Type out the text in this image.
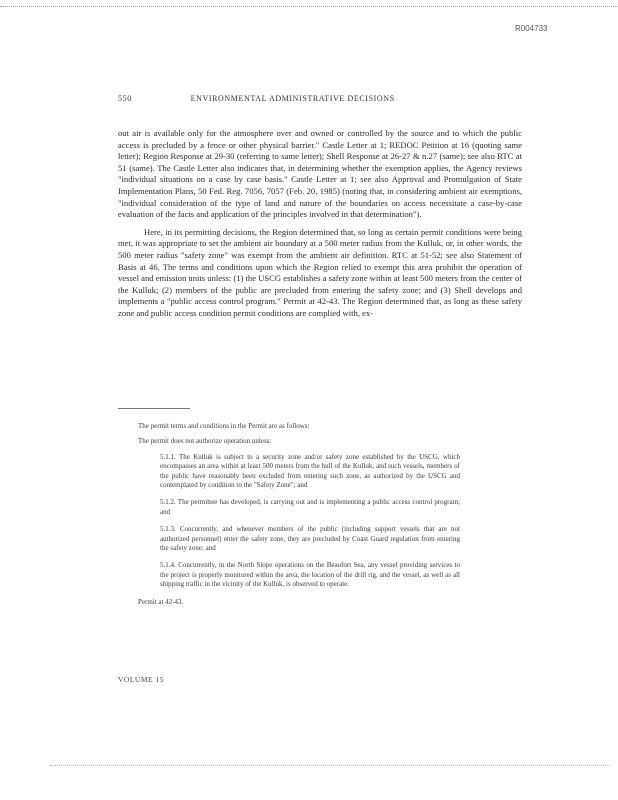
R004733
550	ENVIRONMENTAL ADMINISTRATIVE DECISIONS

out air is available only for the atmosphere over and owned or controlled by the source and to which the public access is precluded by a fence or other physical barrier." Castle Letter at 1; REDOC Petition at 16 (quoting same letter); Region Response at 29-30 (referring to same letter); Shell Response at 26-27 & n.27 (same); see also RTC at 51 (same). The Castle Letter also indicates that, in determining whether the exemption applies, the Agency reviews "individual situations on a case by case basis." Castle Letter at 1; see also Approval and Promulgation of State Implementation Plans, 50 Fed. Reg. 7056, 7057 (Feb. 20, 1985) (noting that, in considering ambient air exemptions, "individual consideration of the type of land and nature of the boundaries on access necessitate a case-by-case evaluation of the facts and application of the principles involved in that determination").

Here, in its permitting decisions, the Region determined that, so long as certain permit conditions were being met, it was appropriate to set the ambient air boundary at a 500 meter radius from the Kulluk, or, in other words, the 500 meter radius "safety zone" was exempt from the ambient air definition. RTC at 51-52; see also Statement of Basis at 46. The terms and conditions upon which the Region relied to exempt this area prohibit the operation of vessel and emission units unless: (1) the USCG establishes a safety zone within at least 500 meters from the center of the Kulluk; (2) members of the public are precluded from entering the safety zone; and (3) Shell develops and implements a "public access control program." Permit at 42-43. The Region determined that, as long as these safety zone and public access condition permit conditions are complied with, ex-

The permit terms and conditions in the Permit are as follows:

The permit does not authorize operation unless:

5.1.1. The Kulluk is subject to a security zone and/or safety zone established by the USCG, which encompasses an area within at least 500 meters from the hull of the Kulluk, and such vessels, members of the public have reasonably been excluded from entering such zone, as authorized by the USCG and contemplated by condition to the "Safety Zone"; and
5.1.2. The permittee has developed, is carrying out and is implementing a public access control program; and
5.1.3. Concurrently, and whenever members of the public (including support vessels that are not authorized personnel) enter the safety zone, they are precluded by Coast Guard regulation from entering the safety zone; and
5.1.4. Concurrently, in the North Slope operations on the Beaufort Sea, any vessel providing services to the project is properly monitored within the area, the location of the drill rig, and the vessel, as well as all shipping traffic in the vicinity of the Kulluk, is observed to operate.
Permit at 42-43.
VOLUME 15
